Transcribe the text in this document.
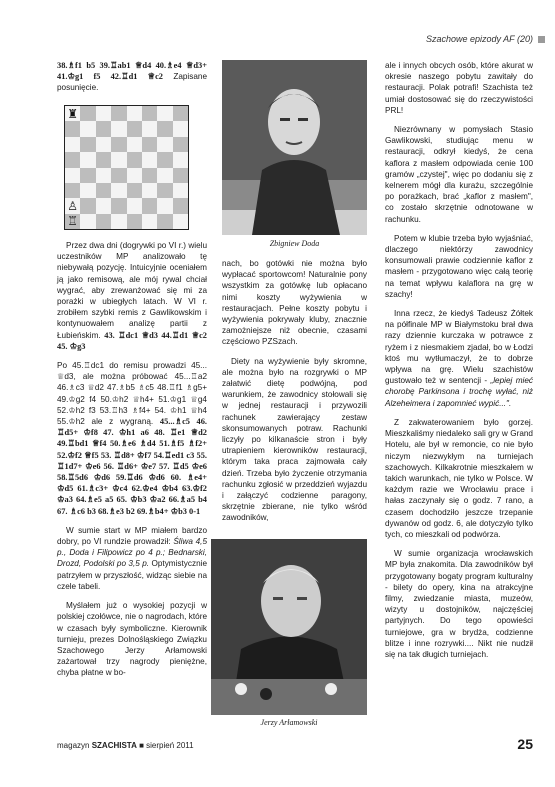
Szachowe epizody AF (20)

38.♗f1 b5 39.♖ab1 ♕d4 40.♗e4 ♕d3+ 41.♔g1 f5 42.♖d1 ♕c2 Zapisane posunięcie.

♜
♙
♖

Przez dwa dni (dogrywki po VI r.) wielu uczestników MP analizowało tę niebywałą pozycję. Intuicyjnie oceniałem ją jako remisową, ale mój rywal chciał wygrać, aby zrewanżować się mi za porażki w ubiegłych latach. W VI r. zrobiłem szybki remis z Gawlikowskim i kontynuowałem analizę partii z Łubieńskim. 43. ♖dc1 ♕d3 44.♖d1 ♕c2 45. ♔g3

Po 45.♖dc1 do remisu prowadzi 45... ♕d3, ale można próbować 45...♖a2 46.♗c3 ♕d2 47.♗b5 ♗c5 48.♖f1 ♗g5+ 49.♔g2 f4 50.♔h2 ♕h4+ 51.♔g1 ♕g4 52.♔h2 f3 53.♖h3 ♗f4+ 54. ♔h1 ♕h4 55.♔h2 ale z wygraną. 45...♗c5 46. ♖d5+ ♔f8 47. ♔h1 a6 48. ♖e1 ♕d2 49.♖bd1 ♕f4 50.♗e6 ♗d4 51.♗f5 ♗f2+ 52.♔f2 ♕f5 53. ♖d8+ ♔f7 54.♖ed1 c3 55. ♖1d7+ ♔e6 56. ♖d6+ ♔e7 57. ♖d5 ♔e6 58.♖5d6 ♔d6 59.♖d6 ♔d6 60. ♗e4+ ♔d5 61.♗c3+ ♔c4 62.♔e4 ♔b4 63.♔f2 ♔a3 64.♗e5 a5 65. ♔b3 ♔a2 66.♗a5 b4 67. ♗c6 b3 68.♗e3 b2 69.♗b4+ ♔b3 0-1

W sumie start w MP miałem bardzo dobry, po VI rundzie prowadził: Śliwa 4,5 p., Doda i Filipowicz po 4 p.; Bednarski, Drozd, Podolski po 3,5 p. Optymistycznie patrzyłem w przyszłość, widząc siebie na czele tabeli.

Myślałem już o wysokiej pozycji w polskiej czołówce, nie o nagrodach, które w czasach były symboliczne. Kierownik turnieju, prezes Dolnośląskiego Związku Szachowego Jerzy Arłamowski zażartował trzy nagrody pieniężne, chyba płatne w bo-

Zbigniew Doda

nach, bo gotówki nie można było wypłacać sportowcom! Naturalnie pony wszystkim za gotówkę lub opłacano nimi koszty wyżywienia w restauracjach. Pełne koszty pobytu i wyżywienia pokrywały kluby, znacznie zamożniejsze niż obecnie, czasami częściowo PZSzach.

Diety na wyżywienie były skromne, ale można było na rozgrywki o MP załatwić dietę podwójną, pod warunkiem, że zawodnicy stołowali się w jednej restauracji i przywozili rachunek zawierający zestaw skonsumowanych potraw. Rachunki liczyły po kilkanaście stron i były utrapieniem kierowników restauracji, którym taka praca zajmowała cały dzień. Trzeba było życzenie otrzymania rachunku zgłosić w przeddzień wyjazdu i załączyć codzienne paragony, skrzętnie zbierane, nie tylko wśród zawodników,

Jerzy Arłamowski

ale i innych obcych osób, które akurat w okresie naszego pobytu zawitały do restauracji. Polak potrafi! Szachista też umiał dostosować się do rzeczywistości PRL!

Niezrównany w pomysłach Stasio Gawlikowski, studiując menu w restauracji, odkrył kiedyś, że cena kaflora z masłem odpowiada cenie 100 gramów „czystej", więc po dodaniu się z kelnerem mógł dla kurażu, szczególnie po porażkach, brać „kaflor z masłem", co zostało skrzętnie odnotowane w rachunku.

Potem w klubie trzeba było wyjaśniać, dlaczego niektórzy zawodnicy konsumowali prawie codziennie kaflor z masłem - przygotowano więc całą teorię na temat wpływu kalaflora na grę w szachy!

Inna rzecz, że kiedyś Tadeusz Żółtek na półfinale MP w Białymstoku brał dwa razy dziennie kurczaka w potrawce z ryżem i z niesmakiem zjadał, bo w Łodzi ktoś mu wytłumaczył, że to dobrze wpływa na grę. Wielu szachistów gustowało też w sentencji - „lepiej mieć chorobę Parkinsona i trochę wyłać, niż Alzeheimera i zapomnieć wypić...".

Z zakwaterowaniem było gorzej. Mieszkaliśmy niedaleko sali gry w Grand Hotelu, ale był w remoncie, co nie było niczym niezwykłym na turniejach szachowych. Kilkakrotnie mieszkałem w takich warunkach, nie tylko w Polsce. W każdym razie we Wrocławiu prace i hałas zaczynały się o godz. 7 rano, a czasem dochodziło jeszcze trzepanie dywanów od godz. 6, ale dotyczyło tylko tych, co mieszkali od podwórza.

W sumie organizacja wrocławskich MP była znakomita. Dla zawodników był przygotowany bogaty program kulturalny - bilety do opery, kina na atrakcyjne filmy, zwiedzanie miasta, muzeów, wizyty u dostojników, najczęściej partyjnych. Do tego opowieści turniejowe, gra w brydża, codzienne blitze i inne rozrywki.... Nikt nie nudził się na tak długich turniejach.

magazyn SZACHISTA ■ sierpień 2011	25
